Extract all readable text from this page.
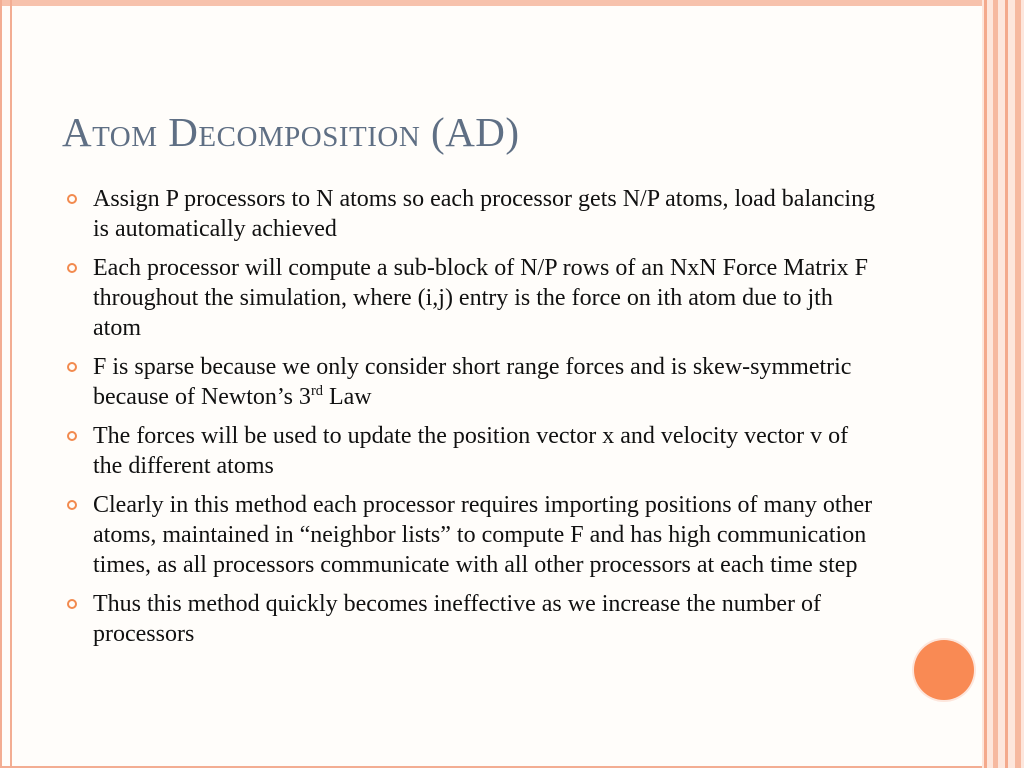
Atom Decomposition (AD)
Assign P processors to N atoms so each processor gets N/P atoms, load balancing is automatically achieved
Each processor will compute a sub-block of N/P rows of an NxN Force Matrix F throughout the simulation, where (i,j) entry is the force on ith atom due to jth atom
F is sparse because we only consider short range forces and is skew-symmetric because of Newton’s 3rd Law
The forces will be used to update the position vector x and velocity vector v of the different atoms
Clearly in this method each processor requires importing positions of many other atoms, maintained in “neighbor lists” to compute F and has high communication times, as all processors communicate with all other processors at each time step
Thus this method quickly becomes ineffective as we increase the number of processors
